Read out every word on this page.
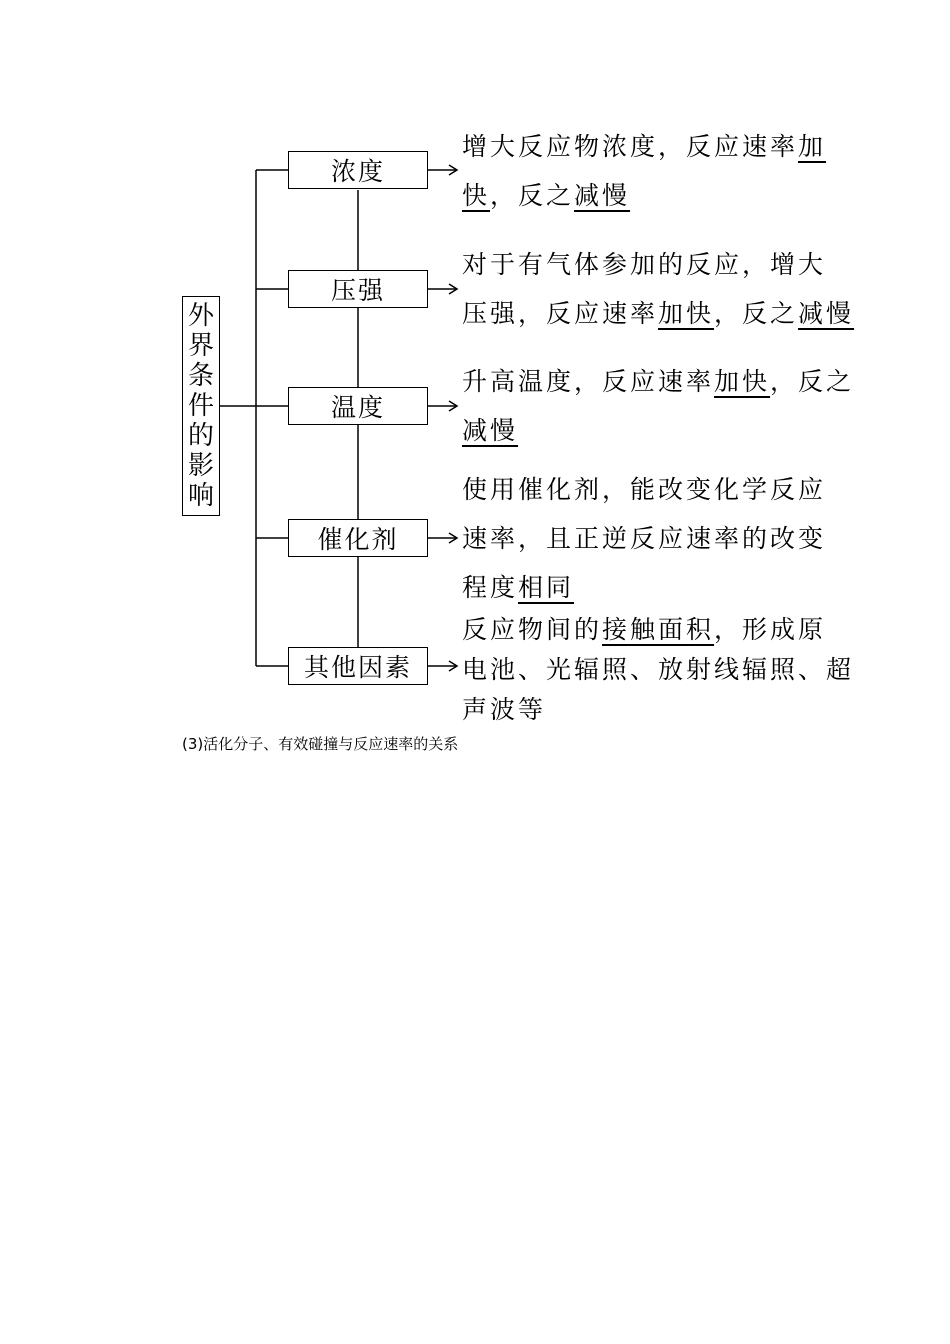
外
界
条
件
的
影
响
浓度
压强
温度
催化剂
其他因素
增大反应物浓度，反应速率加
快，反之减慢
对于有气体参加的反应，增大
压强，反应速率加快，反之减慢
升高温度，反应速率加快，反之
减慢
使用催化剂，能改变化学反应
速率，且正逆反应速率的改变
程度相同
反应物间的接触面积，形成原
电池、光辐照、放射线辐照、超
声波等
(3)活化分子、有效碰撞与反应速率的关系
